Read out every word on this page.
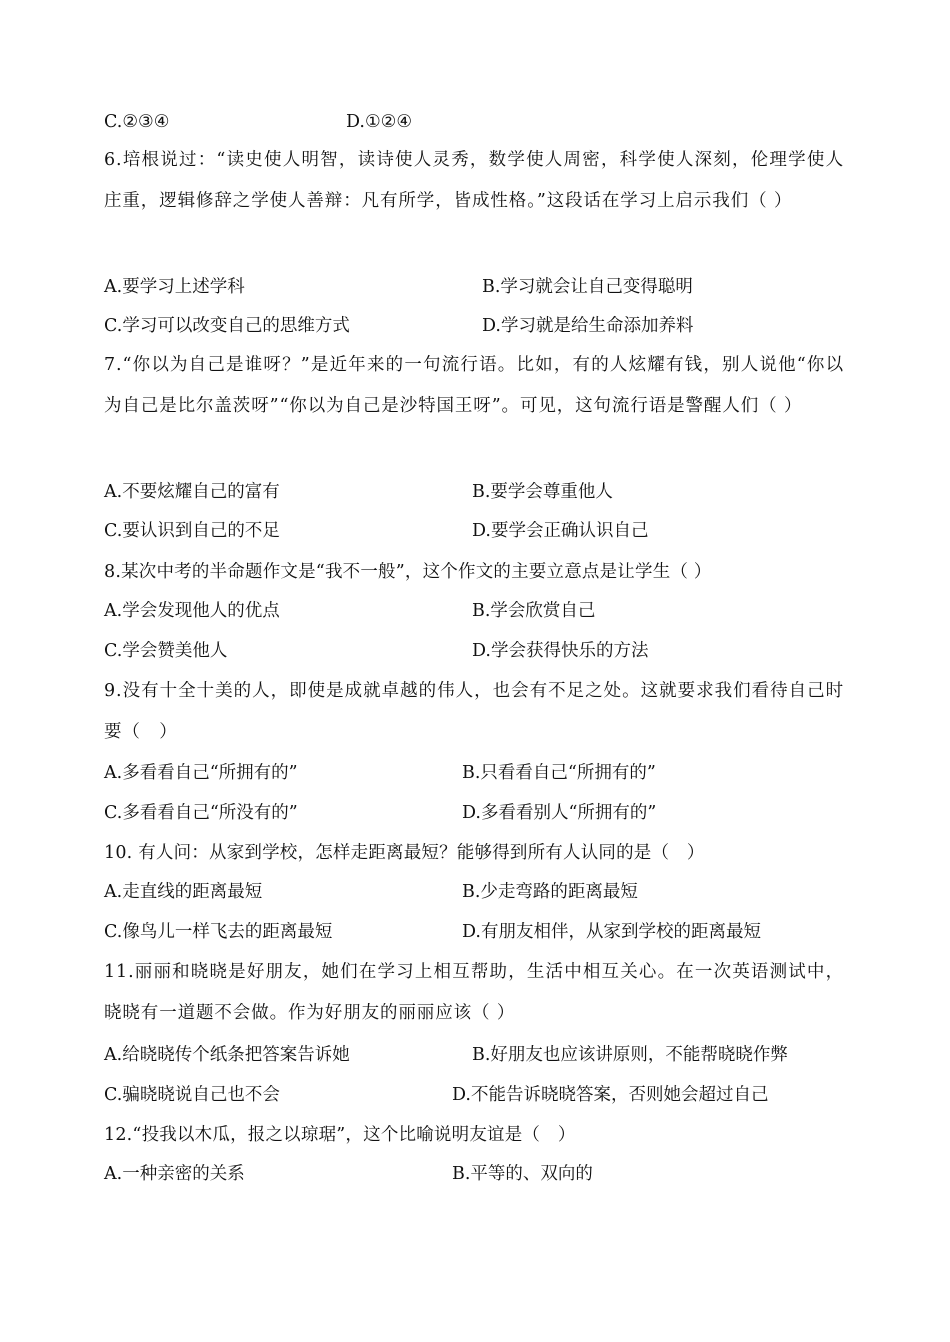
C.②③④	D.①②④
6.培根说过：“读史使人明智，读诗使人灵秀，数学使人周密，科学使人深刻，伦理学使人庄重，逻辑修辞之学使人善辩：凡有所学，皆成性格。”这段话在学习上启示我们（ ）
A.要学习上述学科	B.学习就会让自己变得聪明
C.学习可以改变自己的思维方式	D.学习就是给生命添加养料
7.“你以为自己是谁呀？”是近年来的一句流行语。比如，有的人炫耀有钱，别人说他“你以为自己是比尔盖茨呀”“你以为自己是沙特国王呀”。可见，这句流行语是警醒人们（ ）
A.不要炫耀自己的富有	B.要学会尊重他人
C.要认识到自己的不足	D.要学会正确认识自己
8.某次中考的半命题作文是“我不一般”，这个作文的主要立意点是让学生（ ）
A.学会发现他人的优点	B.学会欣赏自己
C.学会赞美他人	D.学会获得快乐的方法
9.没有十全十美的人，即使是成就卓越的伟人，也会有不足之处。这就要求我们看待自己时要（　）
A.多看看自己“所拥有的”	B.只看看自己“所拥有的”
C.多看看自己“所没有的”	D.多看看别人“所拥有的”
10. 有人问：从家到学校，怎样走距离最短？能够得到所有人认同的是（　）
A.走直线的距离最短	B.少走弯路的距离最短
C.像鸟儿一样飞去的距离最短	D.有朋友相伴，从家到学校的距离最短
11.丽丽和晓晓是好朋友，她们在学习上相互帮助，生活中相互关心。在一次英语测试中，晓晓有一道题不会做。作为好朋友的丽丽应该（ ）
A.给晓晓传个纸条把答案告诉她	B.好朋友也应该讲原则，不能帮晓晓作弊
C.骗晓晓说自己也不会	D.不能告诉晓晓答案，否则她会超过自己
12.“投我以木瓜，报之以琼琚”，这个比喻说明友谊是（　）
A.一种亲密的关系	B.平等的、双向的
